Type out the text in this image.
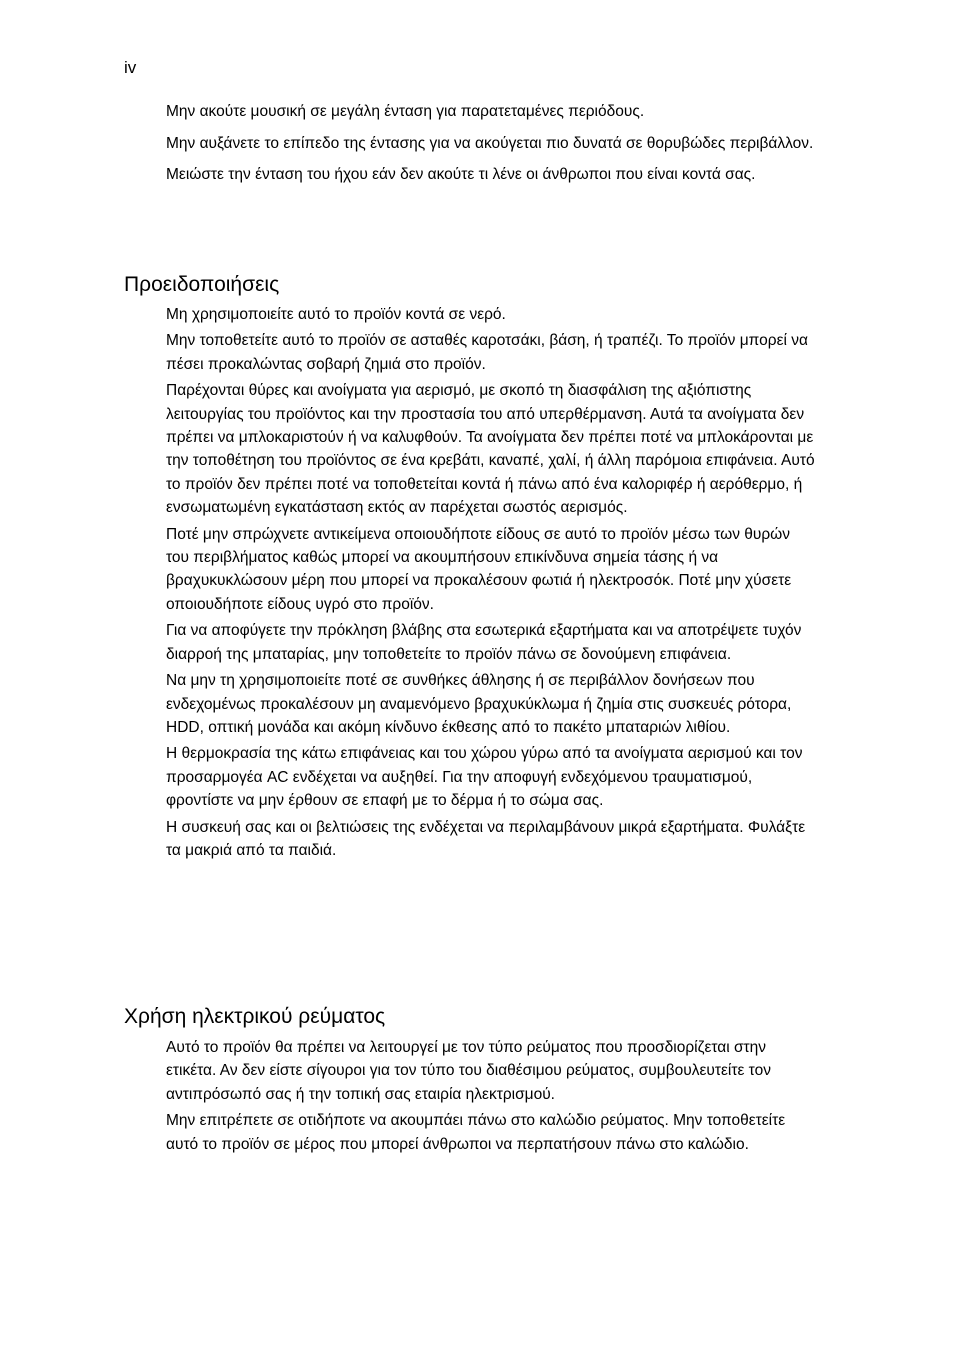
iv

Μην ακούτε μουσική σε μεγάλη ένταση για παρατεταμένες περιόδους.

Μην αυξάνετε το επίπεδο της έντασης για να ακούγεται πιο δυνατά σε θορυβώδες περιβάλλον.

Μειώστε την ένταση του ήχου εάν δεν ακούτε τι λένε οι άνθρωποι που είναι κοντά σας.

Προειδοποιήσεις

Μη χρησιμοποιείτε αυτό το προϊόν κοντά σε νερό.

Μην τοποθετείτε αυτό το προϊόν σε ασταθές καροτσάκι, βάση, ή τραπέζι. Το προϊόν μπορεί να πέσει προκαλώντας σοβαρή ζημιά στο προϊόν.

Παρέχονται θύρες και ανοίγματα για αερισμό, με σκοπό τη διασφάλιση της αξιόπιστης λειτουργίας του προϊόντος και την προστασία του από υπερθέρμανση. Αυτά τα ανοίγματα δεν πρέπει να μπλοκαριστούν ή να καλυφθούν. Τα ανοίγματα δεν πρέπει ποτέ να μπλοκάρονται με την τοποθέτηση του προϊόντος σε ένα κρεβάτι, καναπέ, χαλί, ή άλλη παρόμοια επιφάνεια. Αυτό το προϊόν δεν πρέπει ποτέ να τοποθετείται κοντά ή πάνω από ένα καλοριφέρ ή αερόθερμο, ή ενσωματωμένη εγκατάσταση εκτός αν παρέχεται σωστός αερισμός.

Ποτέ μην σπρώχνετε αντικείμενα οποιουδήποτε είδους σε αυτό το προϊόν μέσω των θυρών του περιβλήματος καθώς μπορεί να ακουμπήσουν επικίνδυνα σημεία τάσης ή να βραχυκυκλώσουν μέρη που μπορεί να προκαλέσουν φωτιά ή ηλεκτροσόκ. Ποτέ μην χύσετε οποιουδήποτε είδους υγρό στο προϊόν.

Για να αποφύγετε την πρόκληση βλάβης στα εσωτερικά εξαρτήματα και να αποτρέψετε τυχόν διαρροή της μπαταρίας, μην τοποθετείτε το προϊόν πάνω σε δονούμενη επιφάνεια.

Να μην τη χρησιμοποιείτε ποτέ σε συνθήκες άθλησης ή σε περιβάλλον δονήσεων που ενδεχομένως προκαλέσουν μη αναμενόμενο βραχυκύκλωμα ή ζημία στις συσκευές ρότορα, HDD, οπτική μονάδα και ακόμη κίνδυνο έκθεσης από το πακέτο μπαταριών λιθίου.

Η θερμοκρασία της κάτω επιφάνειας και του χώρου γύρω από τα ανοίγματα αερισμού και τον προσαρμογέα AC ενδέχεται να αυξηθεί. Για την αποφυγή ενδεχόμενου τραυματισμού, φροντίστε να μην έρθουν σε επαφή με το δέρμα ή το σώμα σας.

Η συσκευή σας και οι βελτιώσεις της ενδέχεται να περιλαμβάνουν μικρά εξαρτήματα. Φυλάξτε τα μακριά από τα παιδιά.

Χρήση ηλεκτρικού ρεύματος

Αυτό το προϊόν θα πρέπει να λειτουργεί με τον τύπο ρεύματος που προσδιορίζεται στην ετικέτα. Αν δεν είστε σίγουροι για τον τύπο του διαθέσιμου ρεύματος, συμβουλευτείτε τον αντιπρόσωπό σας ή την τοπική σας εταιρία ηλεκτρισμού.

Μην επιτρέπετε σε οτιδήποτε να ακουμπάει πάνω στο καλώδιο ρεύματος. Μην τοποθετείτε αυτό το προϊόν σε μέρος που μπορεί άνθρωποι να περπατήσουν πάνω στο καλώδιο.
